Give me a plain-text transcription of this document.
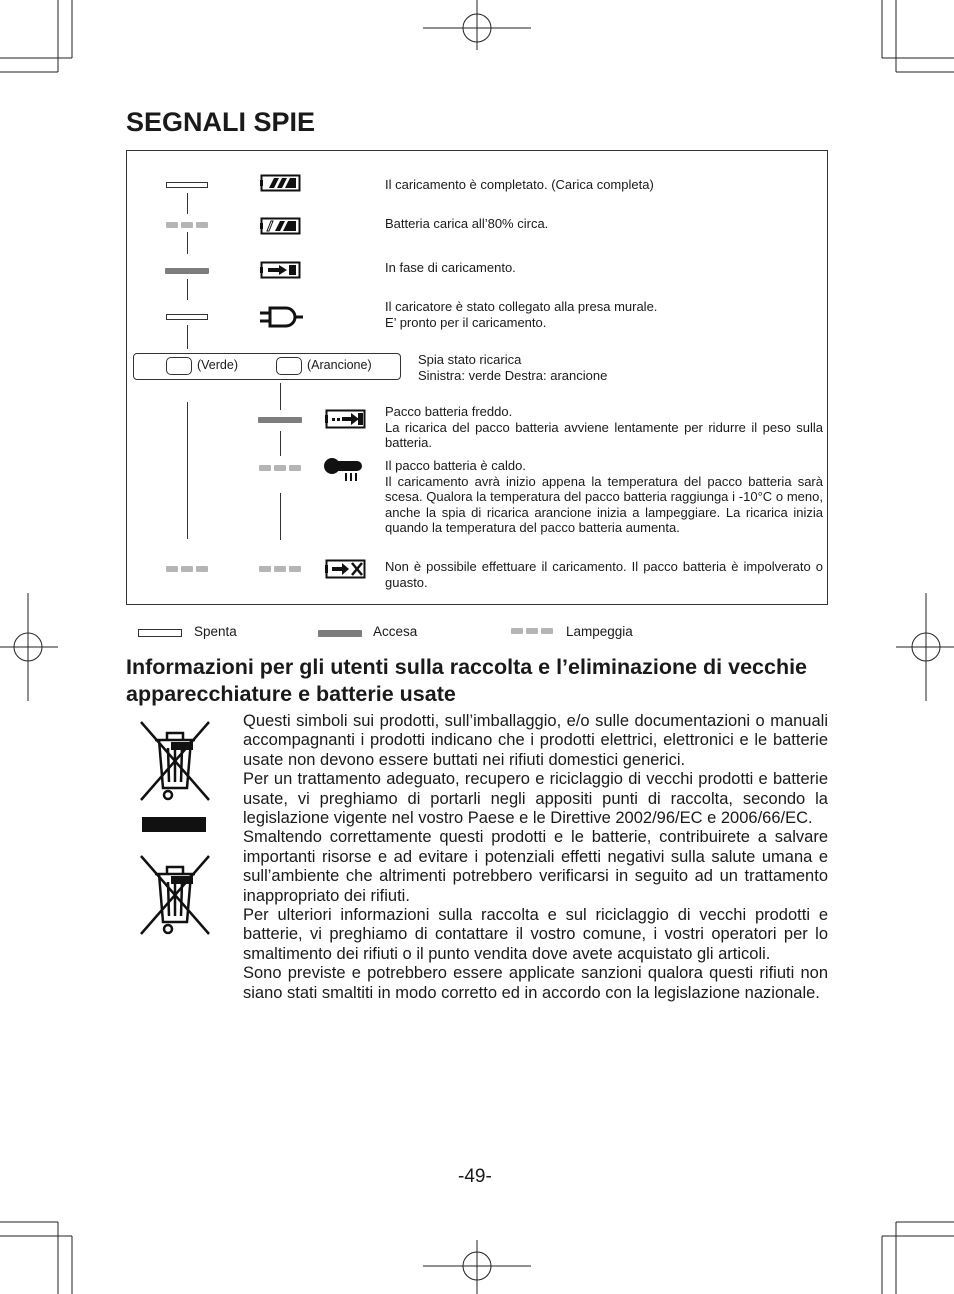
SEGNALI SPIE
Il caricamento è completato. (Carica completa)
Batteria carica all’80% circa.
In fase di caricamento.
Il caricatore è stato collegato alla presa murale.
E’ pronto per il caricamento.
(Verde)	(Arancione)	Spia stato ricarica
Sinistra: verde Destra: arancione
Pacco batteria freddo.
La ricarica del pacco batteria avviene lentamente per ridurre il peso sulla batteria.
Il pacco batteria è caldo.
Il caricamento avrà inizio appena la temperatura del pacco batteria sarà scesa. Qualora la temperatura del pacco batteria raggiunga i -10°C o meno, anche la spia di ricarica arancione inizia a lampeggiare. La ricarica inizia quando la temperatura del pacco batteria aumenta.
Non è possibile effettuare il caricamento. Il pacco batteria è impolverato o guasto.
Spenta	Accesa	Lampeggia
Informazioni per gli utenti sulla raccolta e l’eliminazione di vecchie apparecchiature e batterie usate

Questi simboli sui prodotti, sull’imballaggio, e/o sulle documentazioni o manuali accompagnanti i prodotti indicano che i prodotti elettrici, elettronici e le batterie usate non devono essere buttati nei rifiuti domestici generici.

Per un trattamento adeguato, recupero e riciclaggio di vecchi prodotti e batterie usate, vi preghiamo di portarli negli appositi punti di raccolta, secondo la legislazione vigente nel vostro Paese e le Direttive 2002/96/EC e 2006/66/EC.

Smaltendo correttamente questi prodotti e le batterie, contribuirete a salvare importanti risorse e ad evitare i potenziali effetti negativi sulla salute umana e sull’ambiente che altrimenti potrebbero verificarsi in seguito ad un trattamento inappropriato dei rifiuti.

Per ulteriori informazioni sulla raccolta e sul riciclaggio di vecchi prodotti e batterie, vi preghiamo di contattare il vostro comune, i vostri operatori per lo smaltimento dei rifiuti o il punto vendita dove avete acquistato gli articoli.

Sono previste e potrebbero essere applicate sanzioni qualora questi rifiuti non siano stati smaltiti in modo corretto ed in accordo con la legislazione nazionale.

-49-
